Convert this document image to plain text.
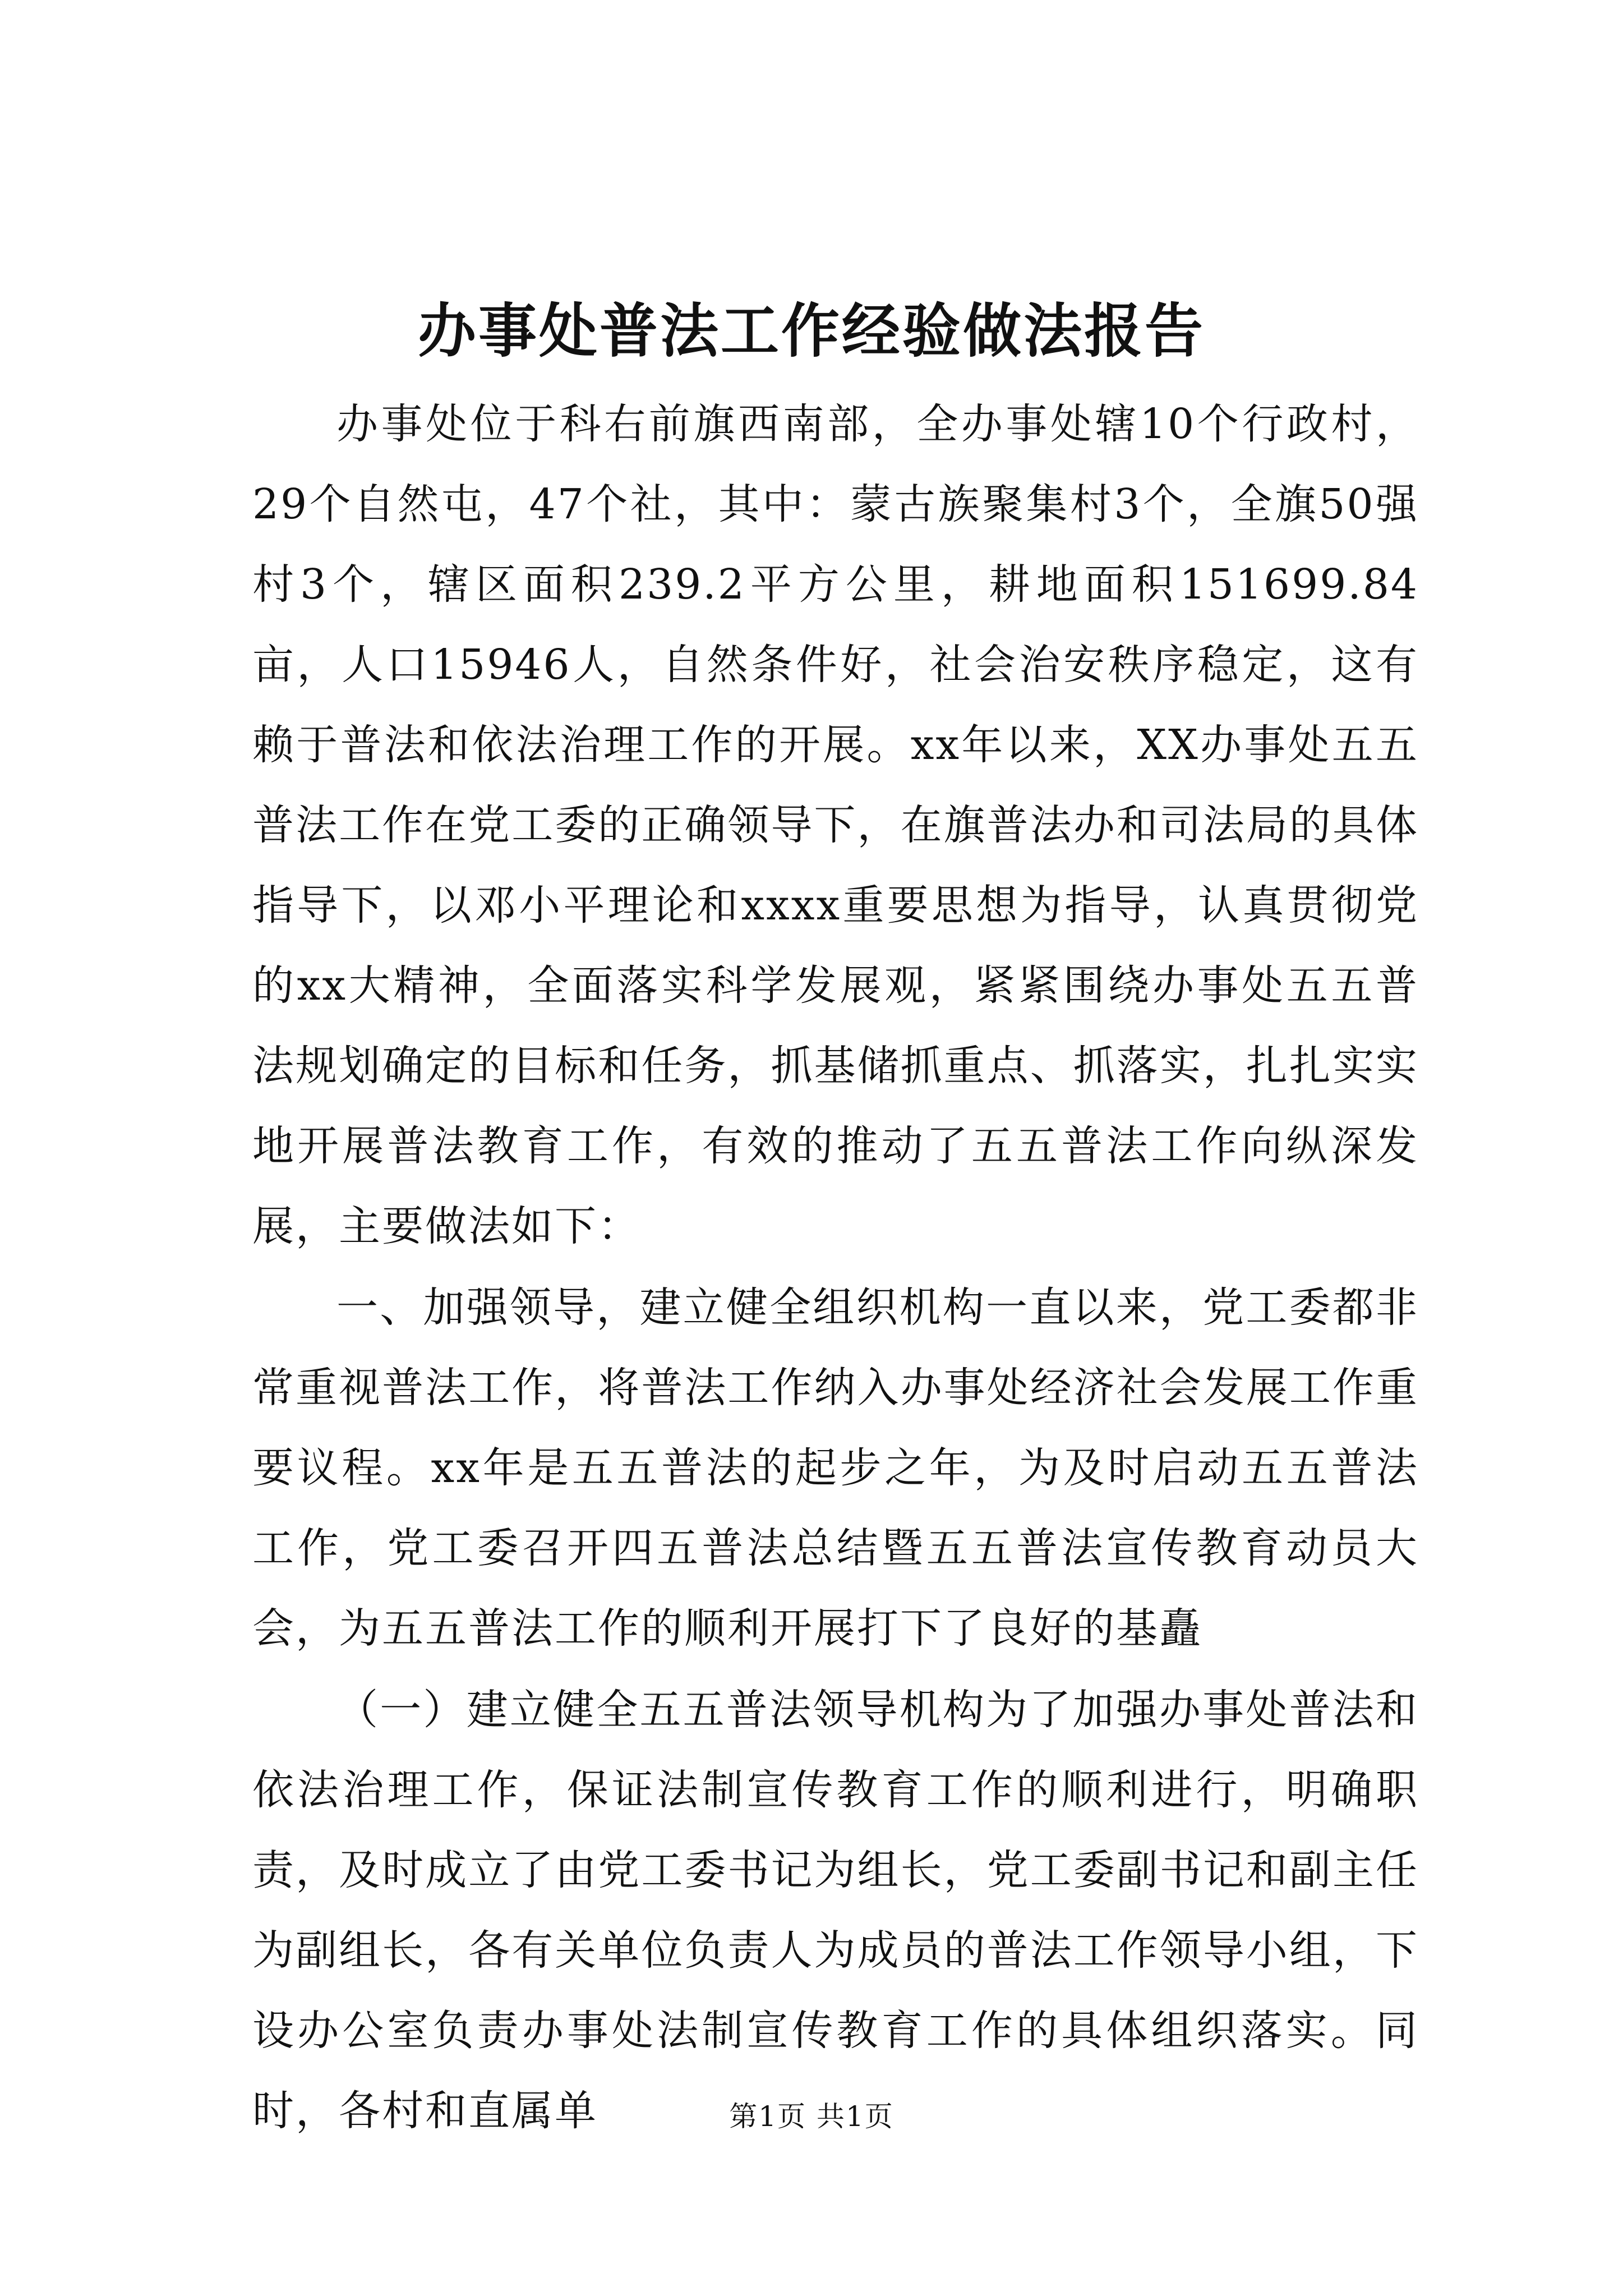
办事处普法工作经验做法报告

办事处位于科右前旗西南部，全办事处辖10个行政村，29个自然屯，47个社，其中：蒙古族聚集村3个，全旗50强村3个，辖区面积239.2平方公里，耕地面积151699.84亩，人口15946人，自然条件好，社会治安秩序稳定，这有赖于普法和依法治理工作的开展。xx年以来，XX办事处五五普法工作在党工委的正确领导下，在旗普法办和司法局的具体指导下，以邓小平理论和xxxx重要思想为指导，认真贯彻党的xx大精神，全面落实科学发展观，紧紧围绕办事处五五普法规划确定的目标和任务，抓基储抓重点、抓落实，扎扎实实地开展普法教育工作，有效的推动了五五普法工作向纵深发展，主要做法如下：

一、加强领导，建立健全组织机构一直以来，党工委都非常重视普法工作，将普法工作纳入办事处经济社会发展工作重要议程。xx年是五五普法的起步之年，为及时启动五五普法工作，党工委召开四五普法总结暨五五普法宣传教育动员大会，为五五普法工作的顺利开展打下了良好的基矗

（一）建立健全五五普法领导机构为了加强办事处普法和依法治理工作，保证法制宣传教育工作的顺利进行，明确职责，及时成立了由党工委书记为组长，党工委副书记和副主任为副组长，各有关单位负责人为成员的普法工作领导小组，下设办公室负责办事处法制宣传教育工作的具体组织落实。同时，各村和直属单	第1页 共1页
